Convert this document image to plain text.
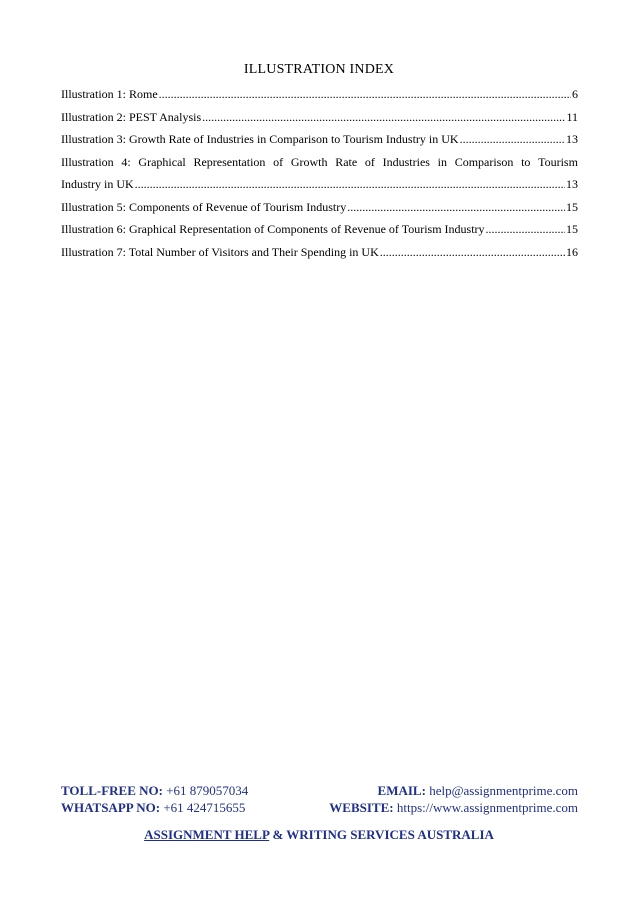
ILLUSTRATION INDEX
Illustration 1: Rome .....	6
Illustration 2: PEST Analysis .....	11
Illustration 3: Growth Rate of Industries in Comparison to Tourism Industry in UK .....	13
Illustration 4: Graphical Representation of Growth Rate of Industries in Comparison to Tourism
Industry in UK .....	13
Illustration 5: Components of Revenue of Tourism Industry .....	15
Illustration 6: Graphical Representation of Components of Revenue of Tourism Industry .....	15
Illustration 7: Total Number of Visitors and Their Spending in UK .....	16
TOLL-FREE NO: +61 879057034	EMAIL: help@assignmentprime.com
WHATSAPP NO: +61 424715655	WEBSITE: https://www.assignmentprime.com
ASSIGNMENT HELP & WRITING SERVICES AUSTRALIA
